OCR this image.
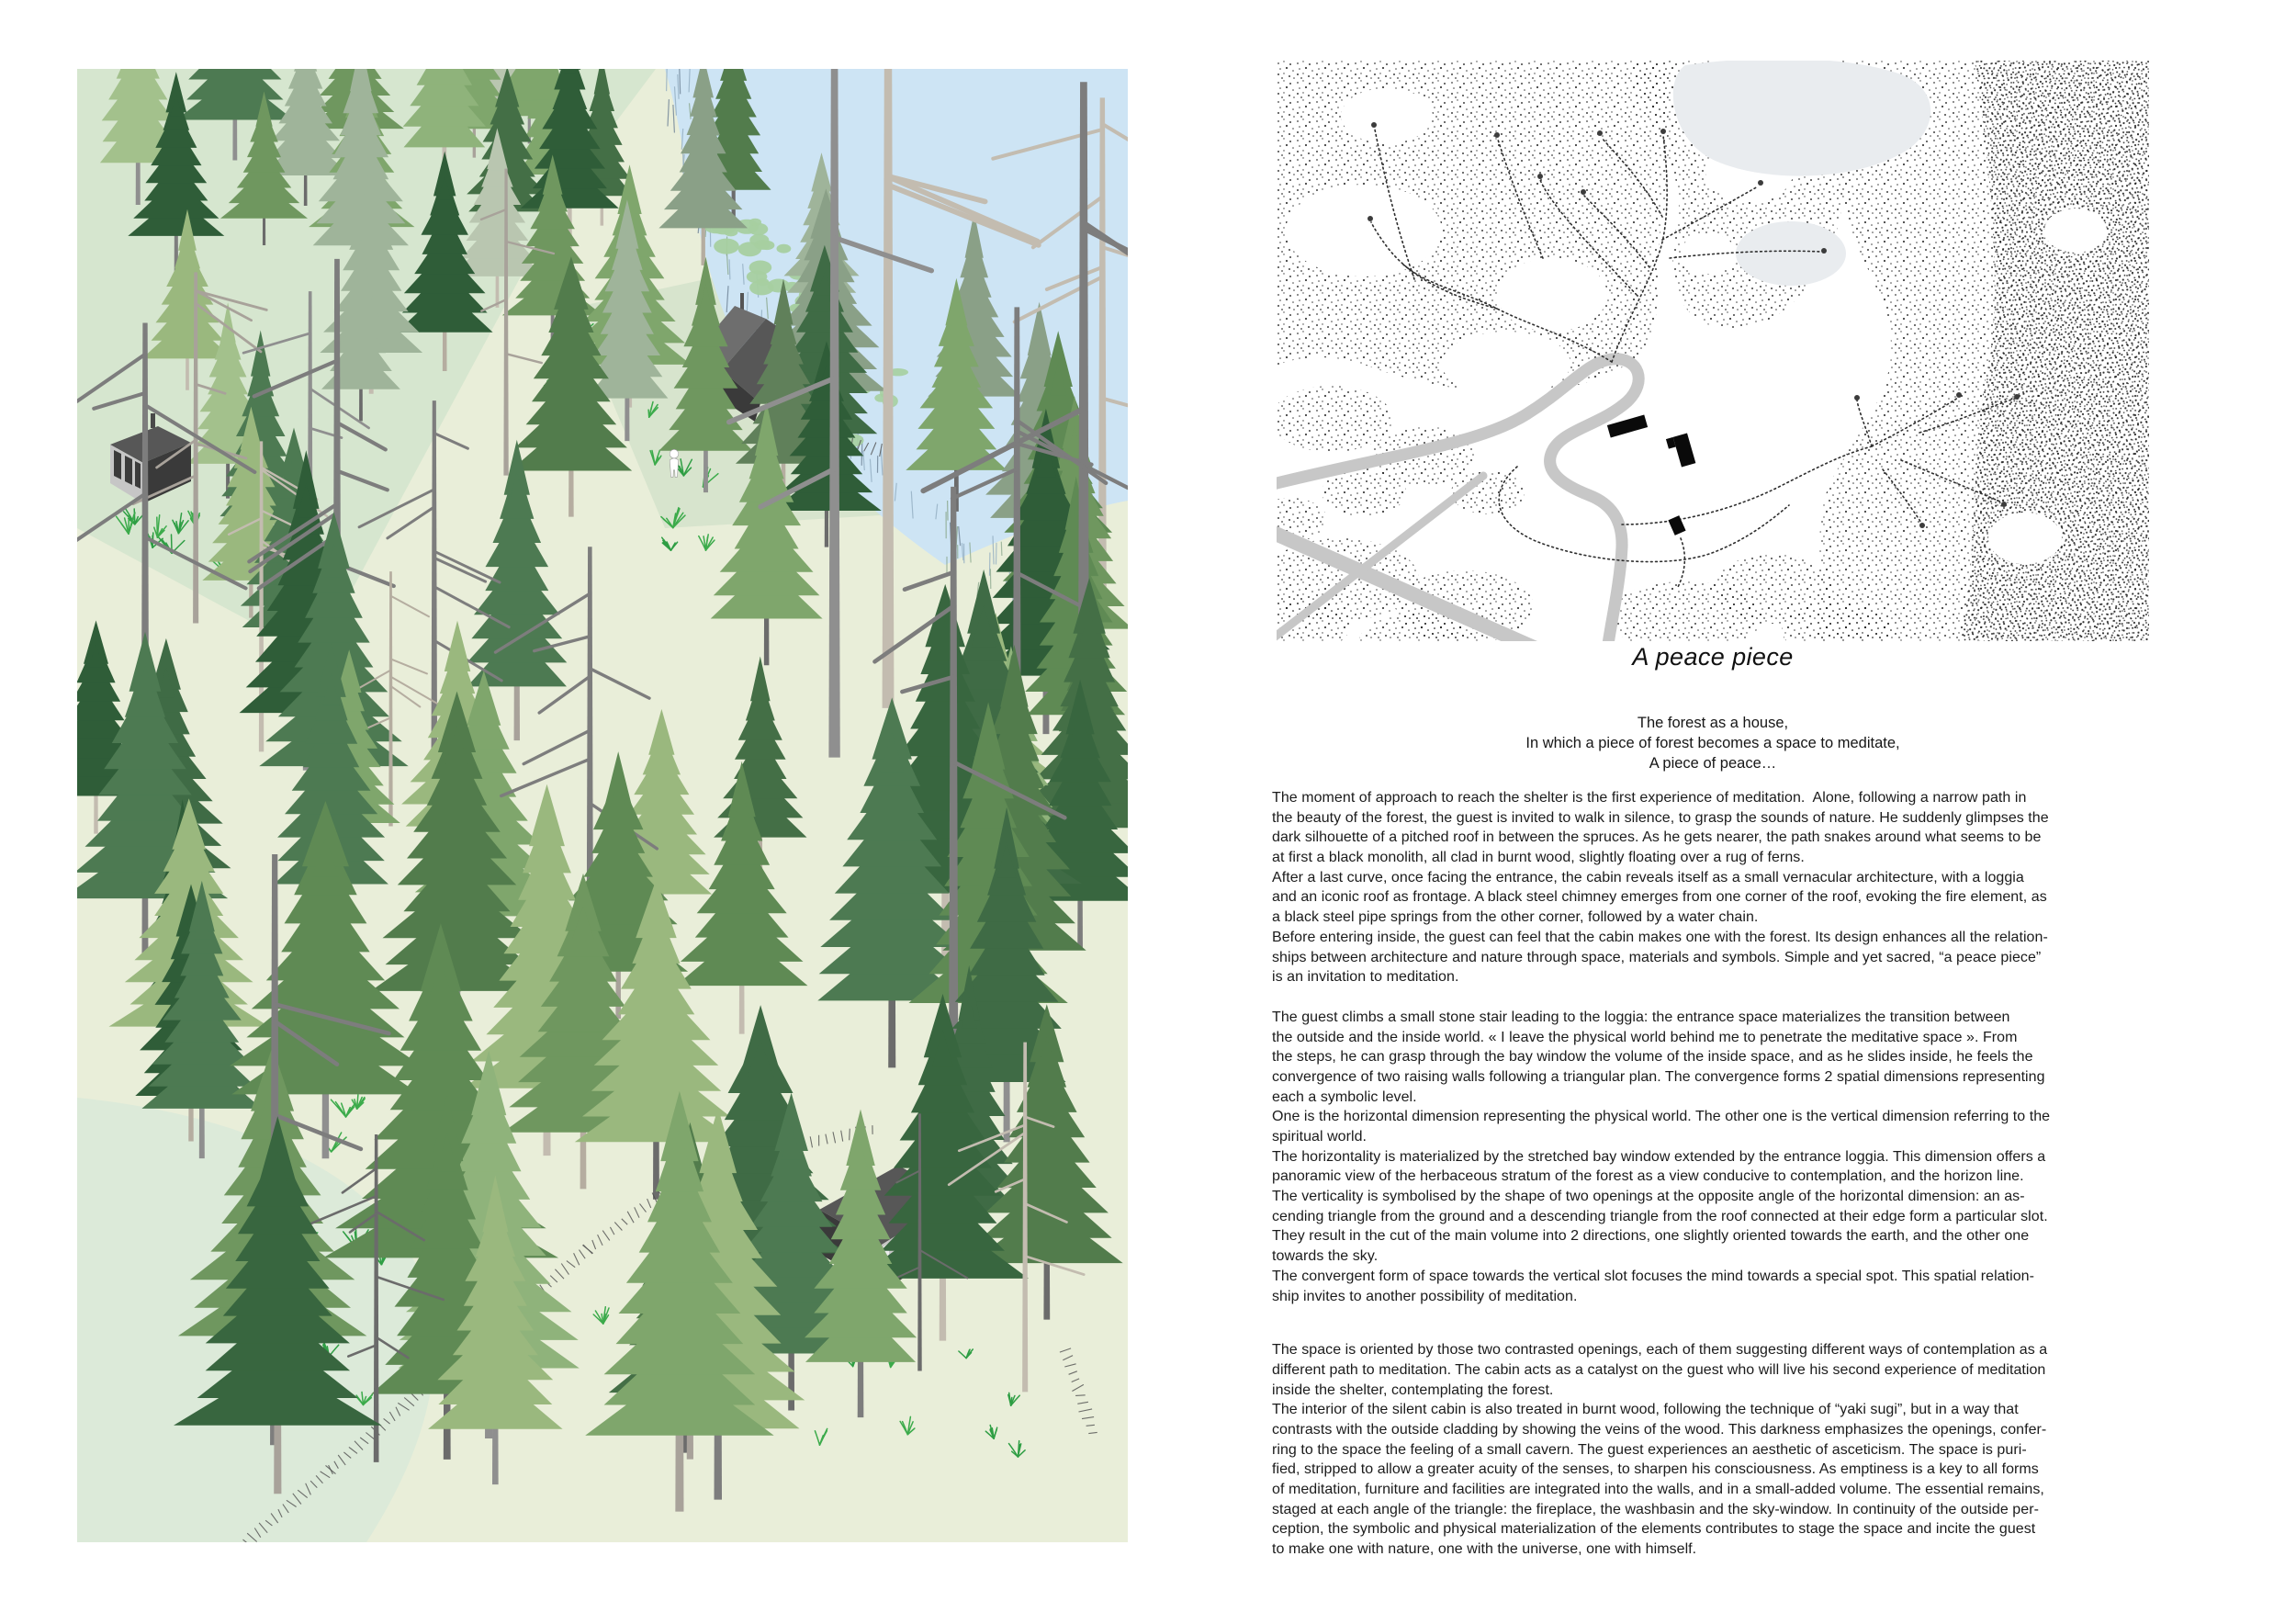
A peace piece
The forest as a house,
In which a piece of forest becomes a space to meditate,
A piece of peace…
The moment of approach to reach the shelter is the first experience of meditation.  Alone, following a narrow path in
the beauty of the forest, the guest is invited to walk in silence, to grasp the sounds of nature. He suddenly glimpses the
dark silhouette of a pitched roof in between the spruces. As he gets nearer, the path snakes around what seems to be
at first a black monolith, all clad in burnt wood, slightly floating over a rug of ferns.
After a last curve, once facing the entrance, the cabin reveals itself as a small vernacular architecture, with a loggia
and an iconic roof as frontage. A black steel chimney emerges from one corner of the roof, evoking the fire element, as
a black steel pipe springs from the other corner, followed by a water chain.
Before entering inside, the guest can feel that the cabin makes one with the forest. Its design enhances all the relation-
ships between architecture and nature through space, materials and symbols. Simple and yet sacred, “a peace piece”
is an invitation to meditation.
The guest climbs a small stone stair leading to the loggia: the entrance space materializes the transition between
the outside and the inside world. « I leave the physical world behind me to penetrate the meditative space ». From
the steps, he can grasp through the bay window the volume of the inside space, and as he slides inside, he feels the
convergence of two raising walls following a triangular plan. The convergence forms 2 spatial dimensions representing
each a symbolic level.
One is the horizontal dimension representing the physical world. The other one is the vertical dimension referring to the
spiritual world.
The horizontality is materialized by the stretched bay window extended by the entrance loggia. This dimension offers a
panoramic view of the herbaceous stratum of the forest as a view conducive to contemplation, and the horizon line.
The verticality is symbolised by the shape of two openings at the opposite angle of the horizontal dimension: an as-
cending triangle from the ground and a descending triangle from the roof connected at their edge form a particular slot.
They result in the cut of the main volume into 2 directions, one slightly oriented towards the earth, and the other one
towards the sky.
The convergent form of space towards the vertical slot focuses the mind towards a special spot. This spatial relation-
ship invites to another possibility of meditation.
The space is oriented by those two contrasted openings, each of them suggesting different ways of contemplation as a
different path to meditation. The cabin acts as a catalyst on the guest who will live his second experience of meditation
inside the shelter, contemplating the forest.
The interior of the silent cabin is also treated in burnt wood, following the technique of “yaki sugi”, but in a way that
contrasts with the outside cladding by showing the veins of the wood. This darkness emphasizes the openings, confer-
ring to the space the feeling of a small cavern. The guest experiences an aesthetic of asceticism. The space is puri-
fied, stripped to allow a greater acuity of the senses, to sharpen his consciousness. As emptiness is a key to all forms
of meditation, furniture and facilities are integrated into the walls, and in a small-added volume. The essential remains,
staged at each angle of the triangle: the fireplace, the washbasin and the sky-window. In continuity of the outside per-
ception, the symbolic and physical materialization of the elements contributes to stage the space and incite the guest
to make one with nature, one with the universe, one with himself.
